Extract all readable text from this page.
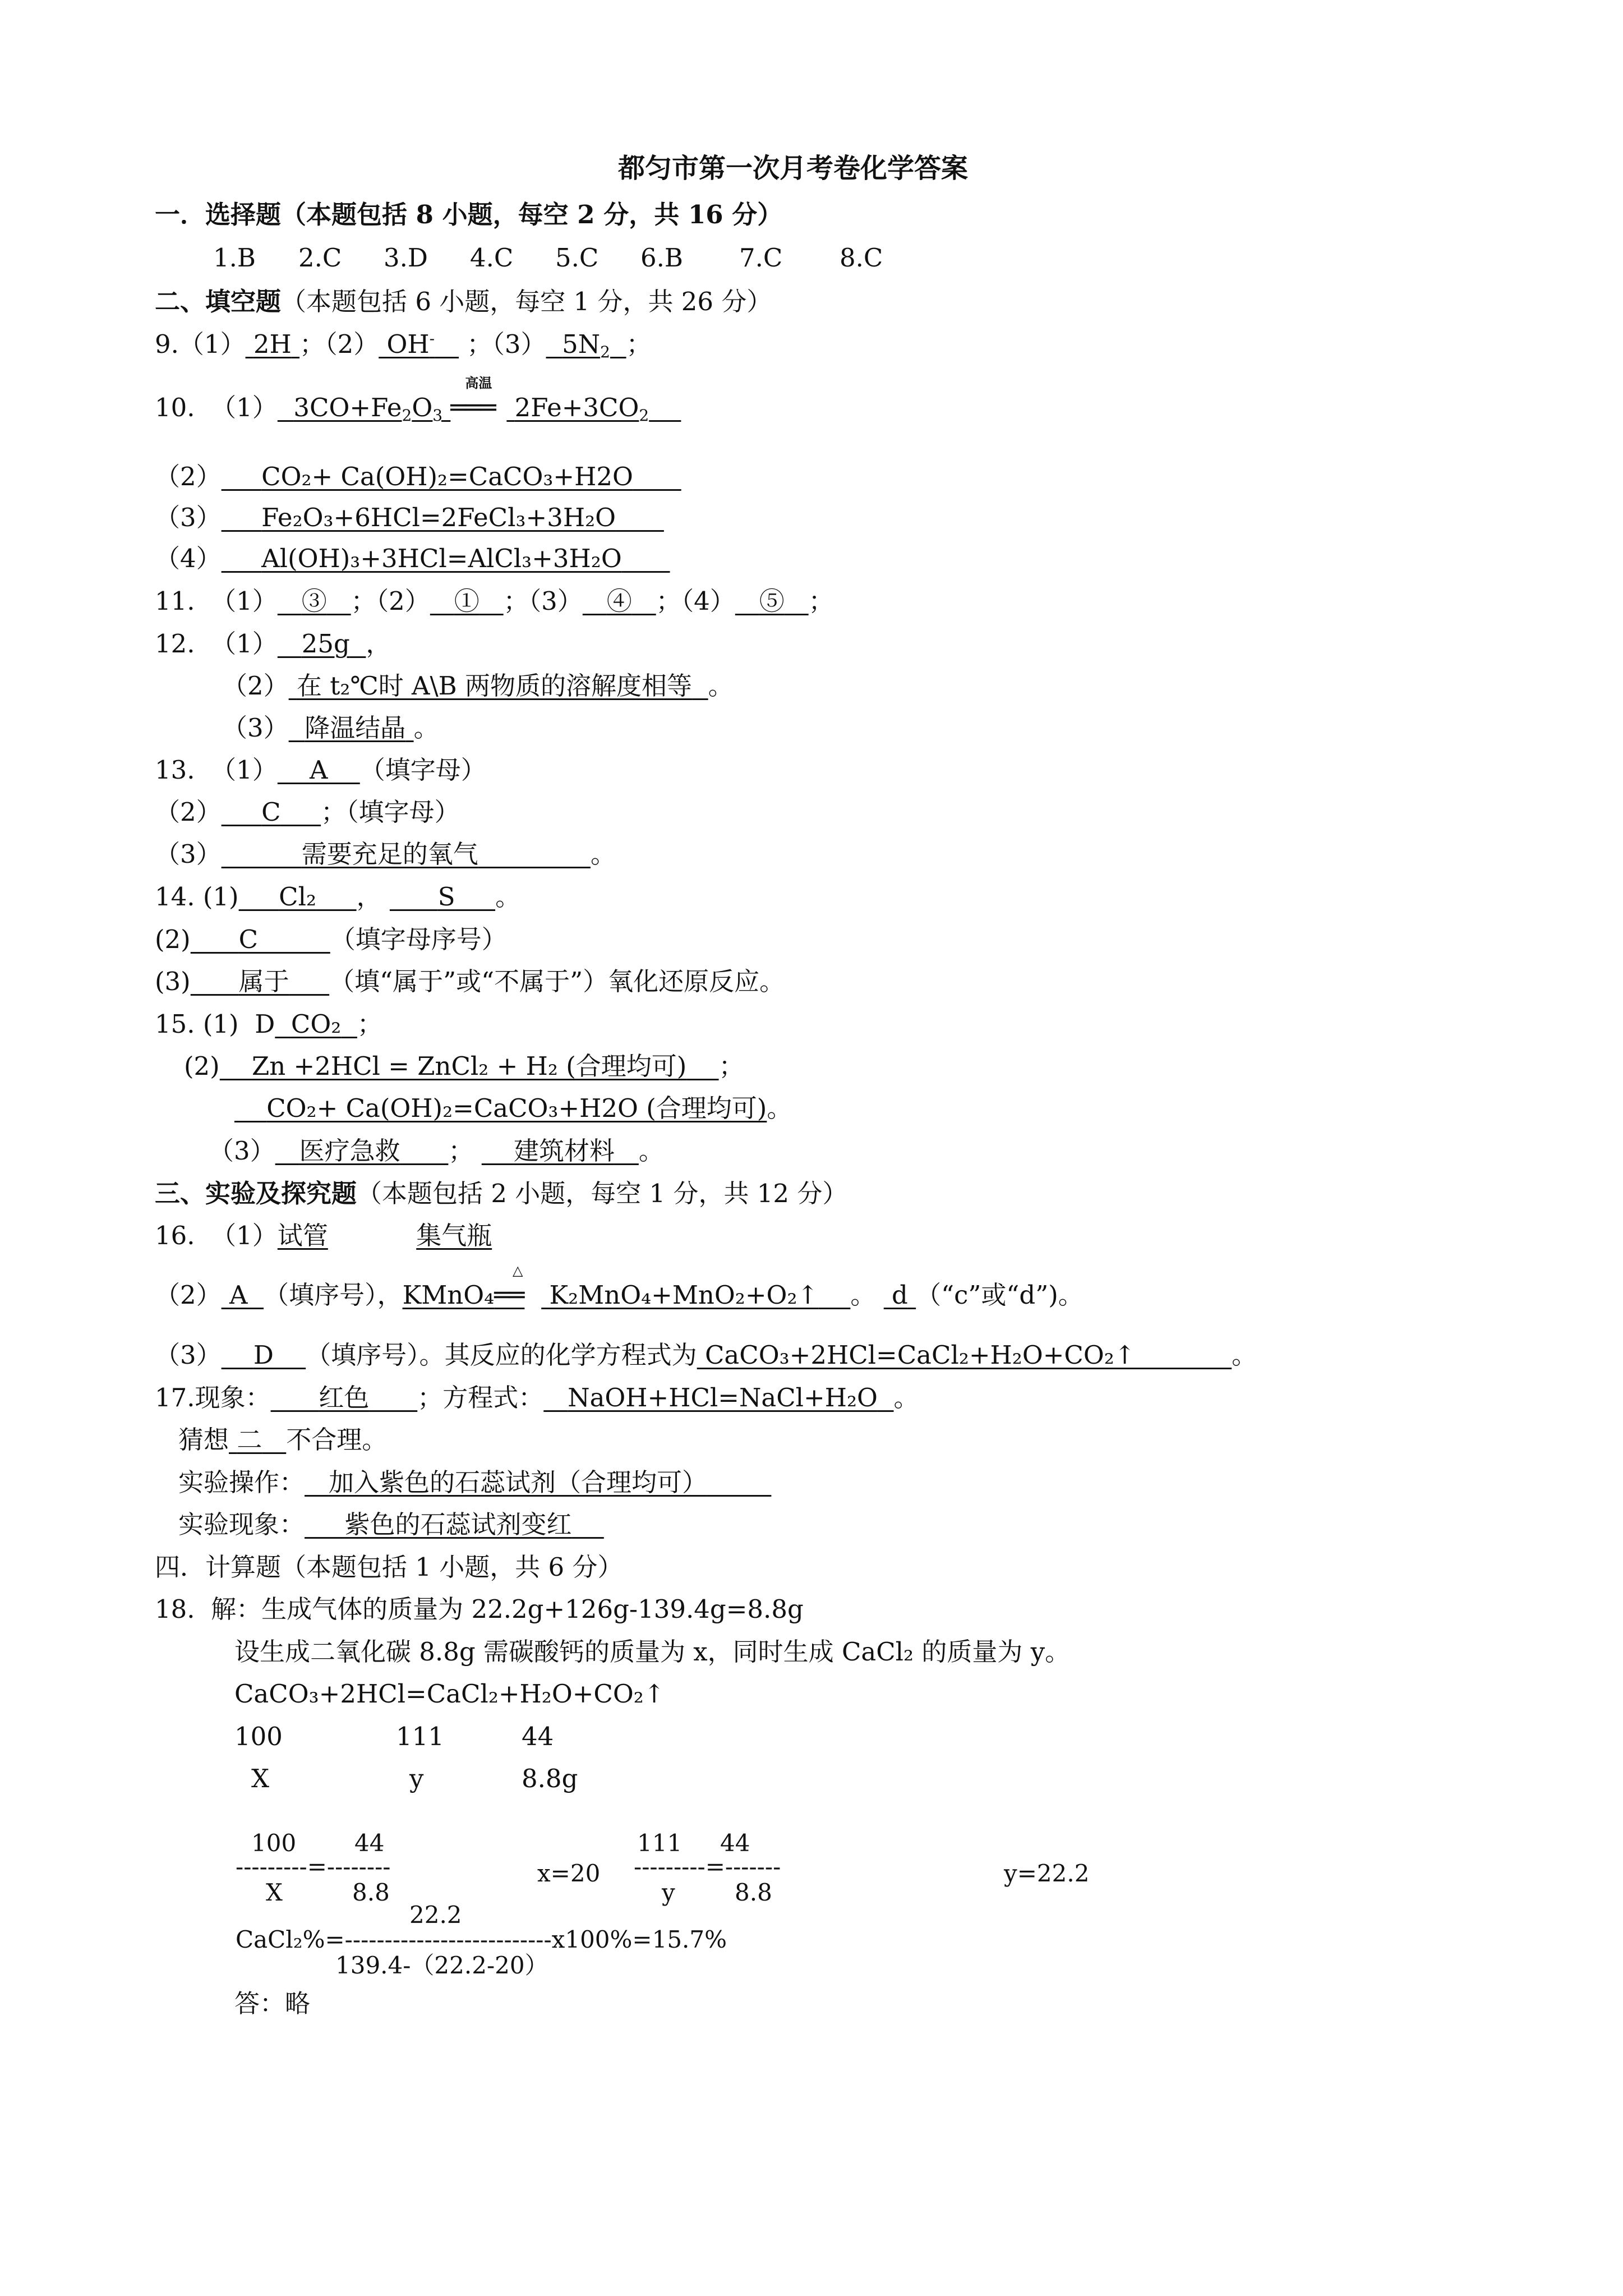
都匀市第一次月考卷化学答案
一．选择题（本题包括 8 小题，每空 2 分，共 16 分）
1.B 2.C 3.D 4.C 5.C 6.B 7.C 8.C
二、填空题（本题包括 6 小题，每空 1 分，共 26 分）
9.（1） 2H ；（2） OH- ；（3） $5N_2$ ；
10.  （1） $3CO+Fe_2O_3$
高温
═══ $2Fe+3CO_2$
（2） CO₂+ Ca(OH)₂=CaCO₃+H2O
（3） Fe₂O₃+6HCl=2FeCl₃+3H₂O
（4） Al(OH)₃+3HCl=AlCl₃+3H₂O
11.  （1） ③ ；（2） ① ；（3） ④ ；（4） ⑤ ；
12.  （1） 25g ，
（2） 在 t₂℃时 A\B 两物质的溶解度相等 。
（3） 降温结晶 。
13.  （1） A （填字母）
（2） C ；（填字母）
（3）	需要充足的氧气	。
14. (1) Cl₂ ， S 。
(2) C	（填字母序号）
(3) 属于 （填“属于”或“不属于”）氧化还原反应。
15. (1)  D CO₂ ；
(2) Zn +2HCl = ZnCl₂ + H₂ (合理均可) ；
CO₂+ Ca(OH)₂=CaCO₃+H2O (合理均可)。
（3） 医疗急救 ； 建筑材料 。
三、实验及探究题（本题包括 2 小题，每空 1 分，共 12 分）
16.  （1）试管	集气瓶
（2） A （填序号），KMnO₄
△
══ K₂MnO₄+MnO₂+O₂↑ 。 d （“c”或“d”)。
（3） D （填序号）。其反应的化学方程式为 CaCO₃+2HCl=CaCl₂+H₂O+CO₂↑	。
17.现象： 红色 ；方程式： NaOH+HCl=NaCl+H₂O 。
猜想 二 不合理。
实验操作： 加入紫色的石蕊试剂（合理均可）
实验现象： 紫色的石蕊试剂变红
四．计算题（本题包括 1 小题，共 6 分）
18.  解：生成气体的质量为 22.2g+126g-139.4g=8.8g
设生成二氧化碳 8.8g 需碳酸钙的质量为 x，同时生成 CaCl₂ 的质量为 y。
CaCO₃+2HCl=CaCl₂+H₂O+CO₂↑
100	111	44
X	y	8.8g
100 44
---------=--------
X	8.8
x=20
111 44
---------=-------
y	8.8
y=22.2
22.2
CaCl₂%=--------------------------x100%=15.7%
139.4-（22.2-20）
答：略
